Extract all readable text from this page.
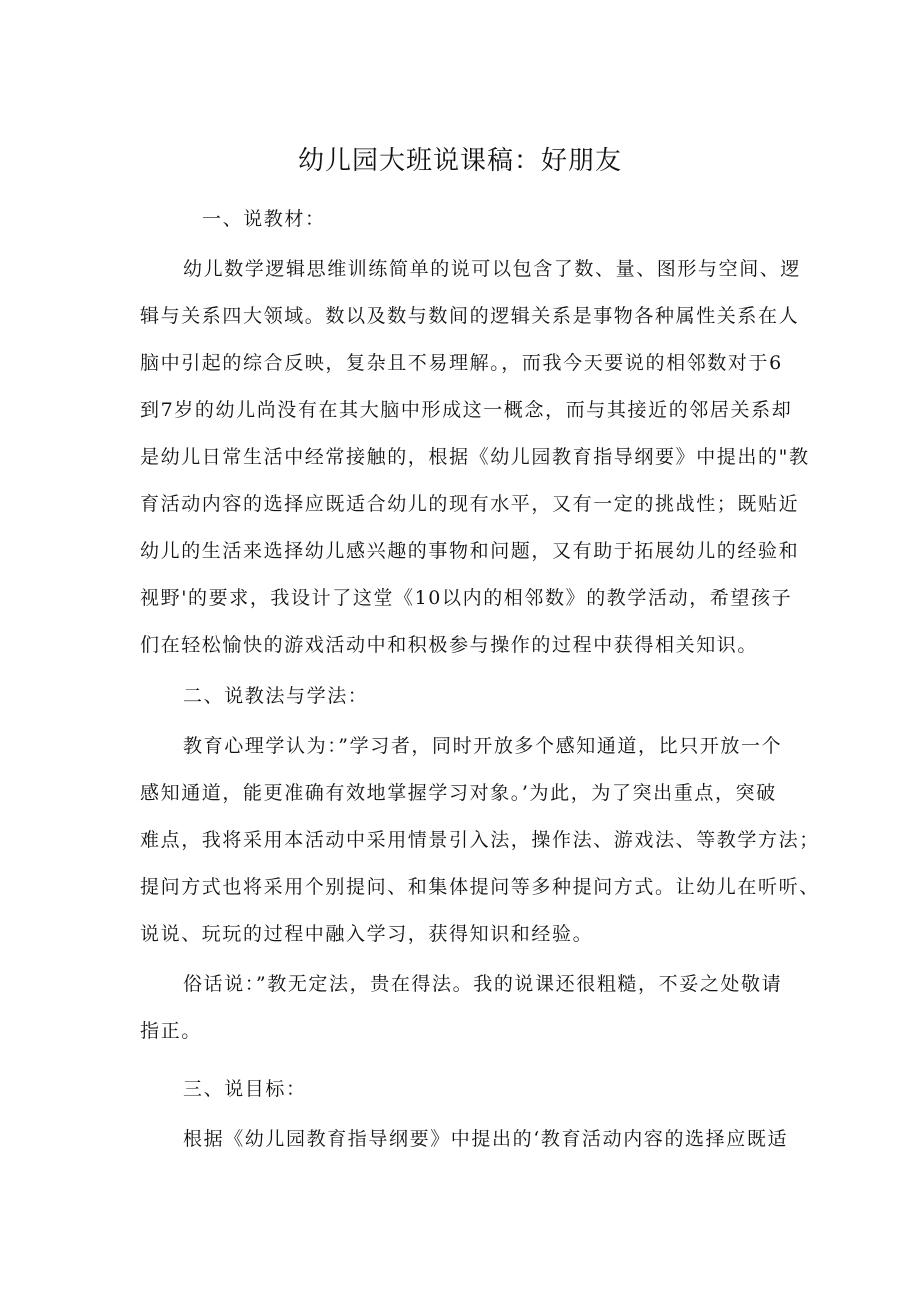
幼儿园大班说课稿：好朋友
一、说教材：
幼儿数学逻辑思维训练简单的说可以包含了数、量、图形与空间、逻
辑与关系四大领域。数以及数与数间的逻辑关系是事物各种属性关系在人
脑中引起的综合反映，复杂且不易理解。，而我今天要说的相邻数对于6
到7岁的幼儿尚没有在其大脑中形成这一概念，而与其接近的邻居关系却
是幼儿日常生活中经常接触的，根据《幼儿园教育指导纲要》中提出的"教
育活动内容的选择应既适合幼儿的现有水平，又有一定的挑战性；既贴近
幼儿的生活来选择幼儿感兴趣的事物和问题，又有助于拓展幼儿的经验和
视野'的要求，我设计了这堂《10以内的相邻数》的教学活动，希望孩子
们在轻松愉快的游戏活动中和积极参与操作的过程中获得相关知识。
二、说教法与学法：
教育心理学认为：”学习者，同时开放多个感知通道，比只开放一个
感知通道，能更准确有效地掌握学习对象。’为此，为了突出重点，突破
难点，我将采用本活动中采用情景引入法，操作法、游戏法、等教学方法；
提问方式也将采用个别提问、和集体提问等多种提问方式。让幼儿在听听、
说说、玩玩的过程中融入学习，获得知识和经验。
俗话说：”教无定法，贵在得法。我的说课还很粗糙，不妥之处敬请
指正。
三、说目标：
根据《幼儿园教育指导纲要》中提出的‘教育活动内容的选择应既适
